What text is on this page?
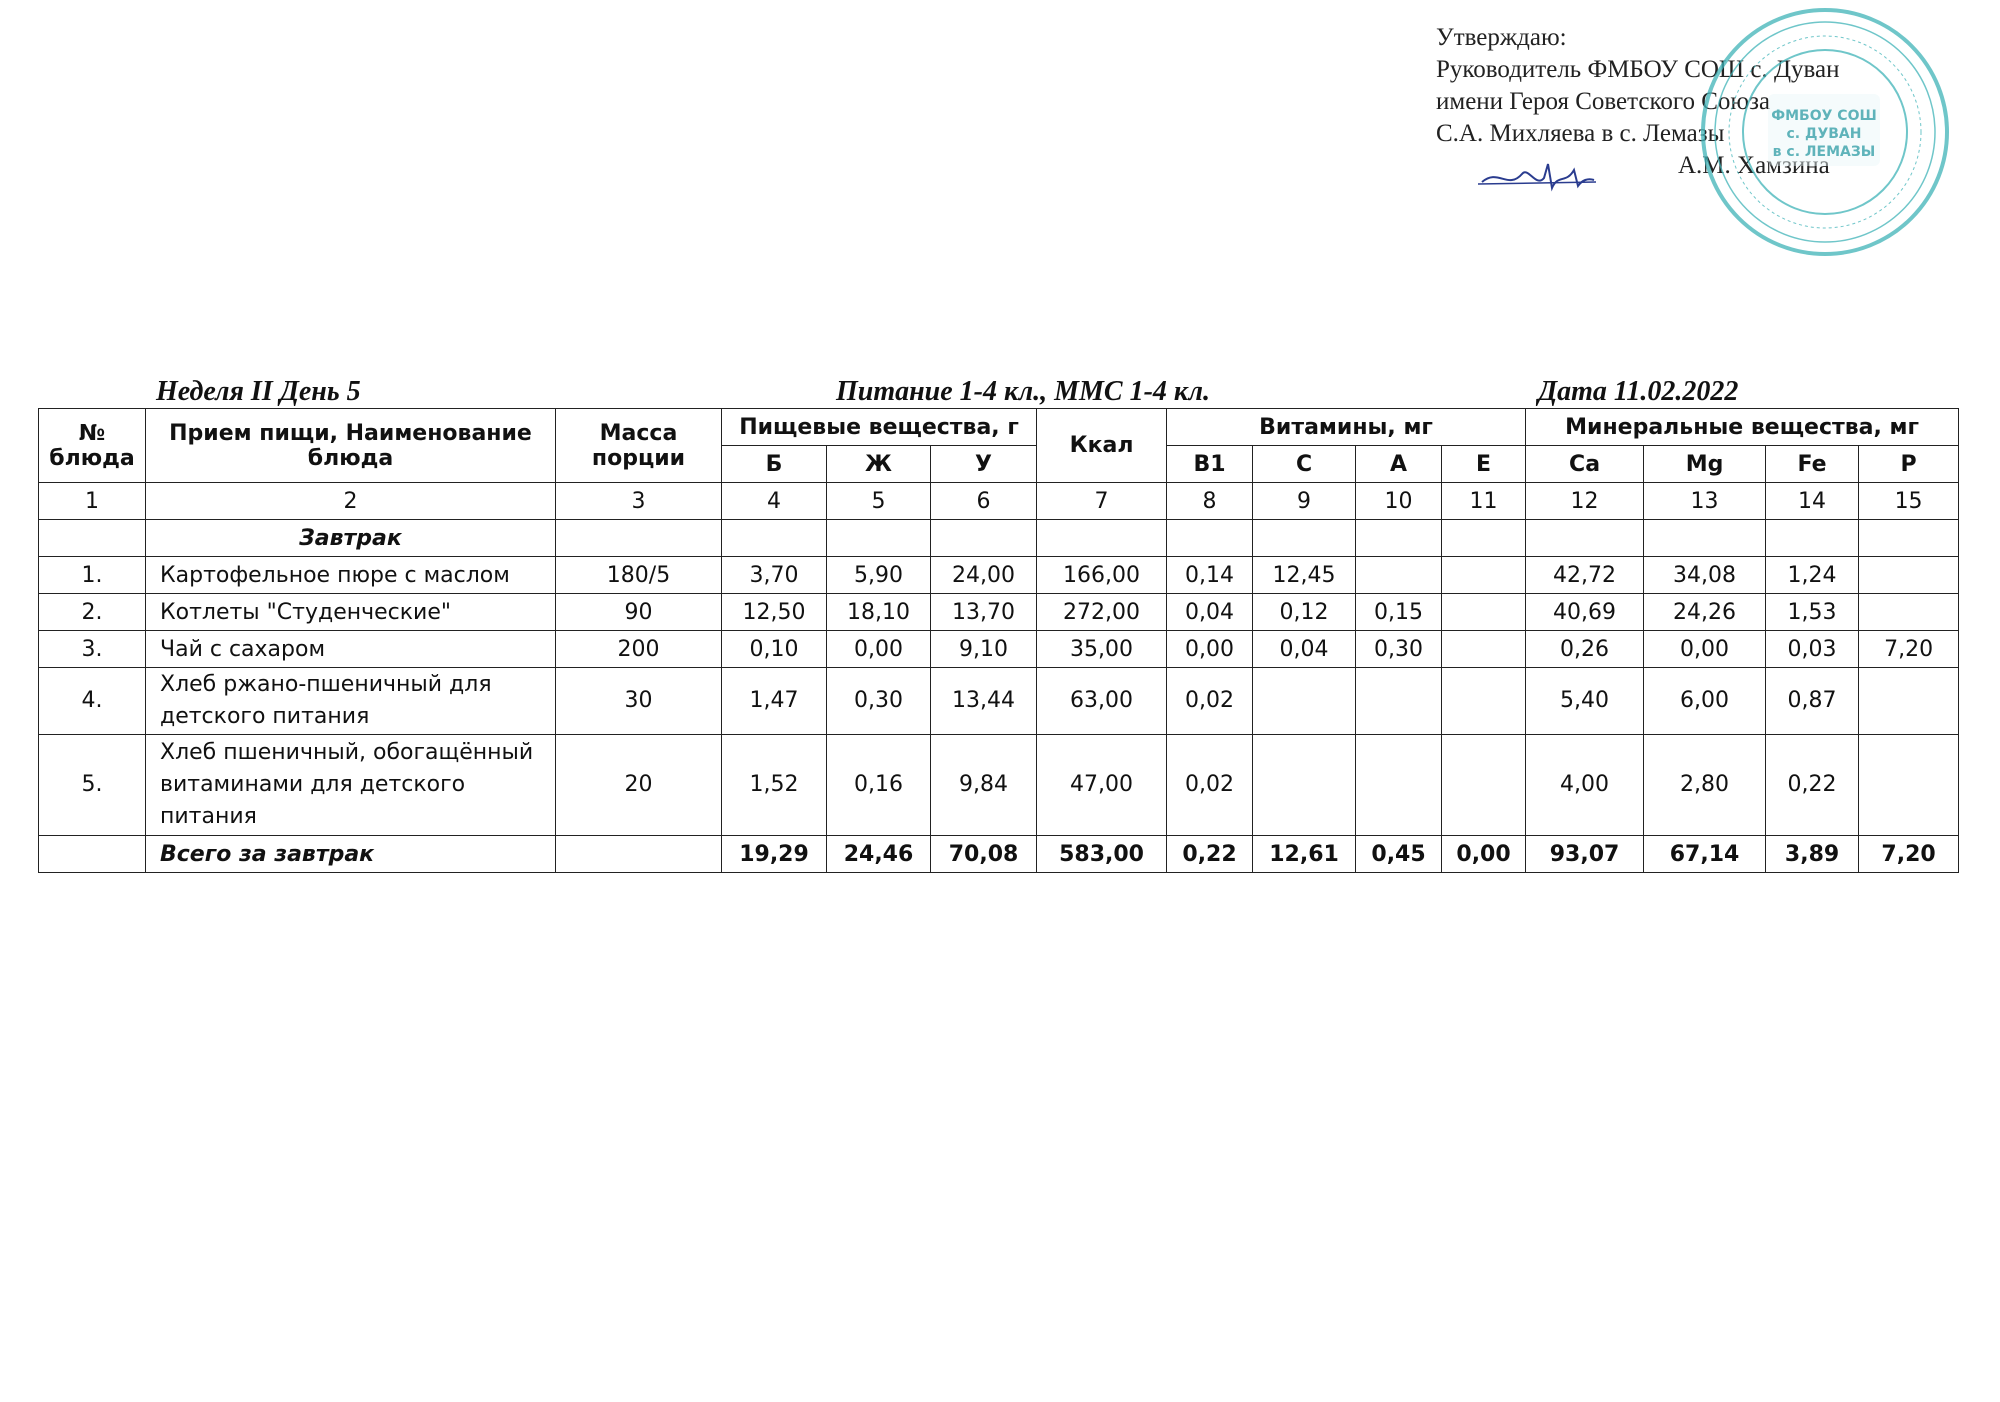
Утверждаю:
Руководитель ФМБОУ СОШ с. Дуван
имени Героя Советского Союза
С.А. Михляева в с. Лемазы
А.М. Хамзина
ФМБОУ СОШ
с. ДУВАН
в с. ЛЕМАЗЫ
Неделя II День 5	Питание 1-4 кл., ММС 1-4 кл.	Дата 11.02.2022
№ блюда	Прием пищи, Наименование блюда	Масса порции	Пищевые вещества, г			Ккал	Витамины, мг				Минеральные вещества, мг			
			Б	Ж	У		B1	C	A	E	Ca	Mg	Fe	P
1	2	3	4	5	6	7	8	9	10	11	12	13	14	15
	Завтрак													
1.	Картофельное пюре с маслом	180/5	3,70	5,90	24,00	166,00	0,14	12,45			42,72	34,08	1,24	
2.	Котлеты "Студенческие"	90	12,50	18,10	13,70	272,00	0,04	0,12	0,15		40,69	24,26	1,53	
3.	Чай с сахаром	200	0,10	0,00	9,10	35,00	0,00	0,04	0,30		0,26	0,00	0,03	7,20
4.	Хлеб ржано-пшеничный для детского питания	30	1,47	0,30	13,44	63,00	0,02				5,40	6,00	0,87	
5.	Хлеб пшеничный, обогащённый витаминами для детского питания	20	1,52	0,16	9,84	47,00	0,02				4,00	2,80	0,22	
	Всего за завтрак		19,29	24,46	70,08	583,00	0,22	12,61	0,45	0,00	93,07	67,14	3,89	7,20
